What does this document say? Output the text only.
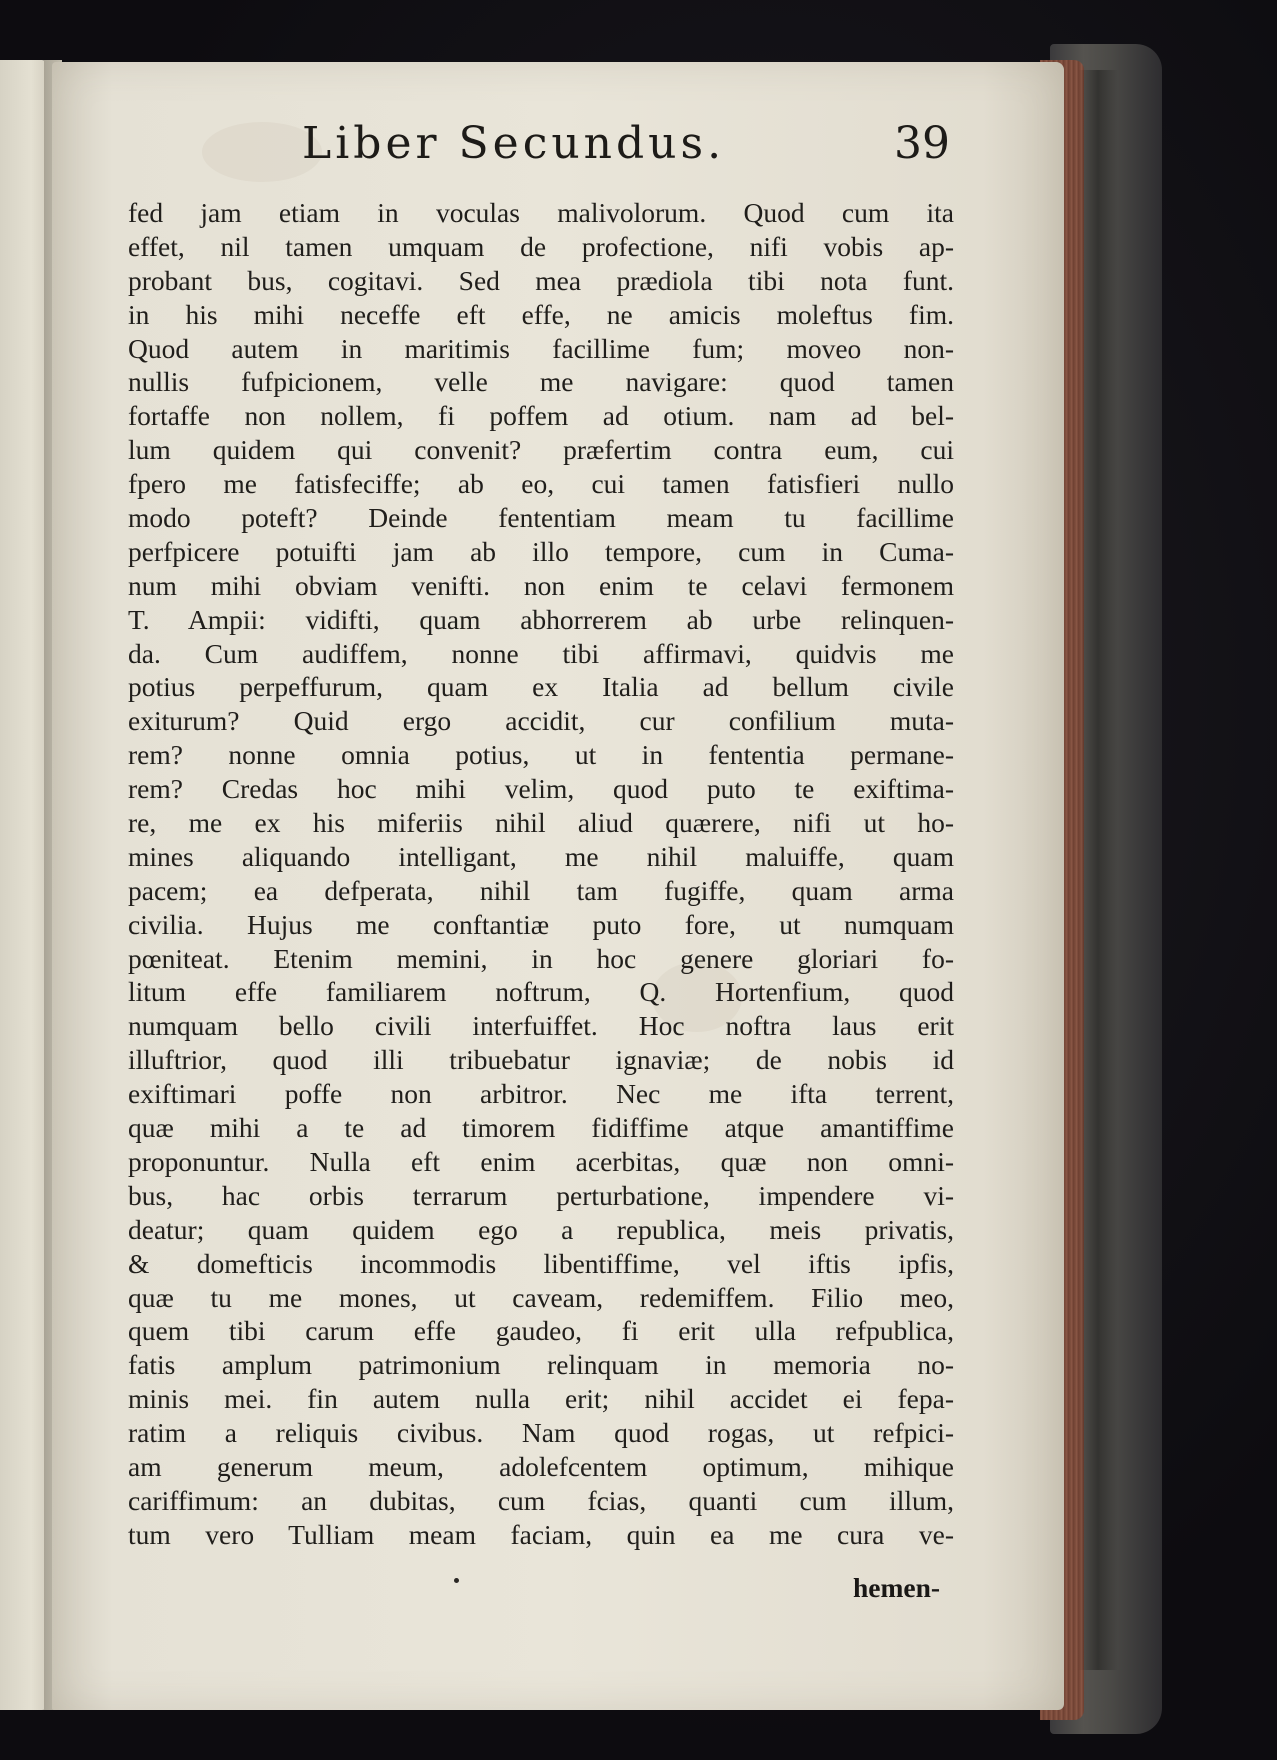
Liber Secundus.	39
fed jam etiam in voculas malivolorum. Quod cum ita
effet, nil tamen umquam de profectione, nifi vobis ap-
probant bus, cogitavi. Sed mea prædiola tibi nota funt.
in his mihi neceffe eft effe, ne amicis moleftus fim.
Quod autem in maritimis facillime fum; moveo non-
nullis fufpicionem, velle me navigare: quod tamen
fortaffe non nollem, fi poffem ad otium. nam ad bel-
lum quidem qui convenit? præfertim contra eum, cui
fpero me fatisfeciffe; ab eo, cui tamen fatisfieri nullo
modo poteft? Deinde fententiam meam tu facillime
perfpicere potuifti jam ab illo tempore, cum in Cuma-
num mihi obviam venifti. non enim te celavi fermonem
T. Ampii: vidifti, quam abhorrerem ab urbe relinquen-
da. Cum audiffem, nonne tibi affirmavi, quidvis me
potius perpeffurum, quam ex Italia ad bellum civile
exiturum? Quid ergo accidit, cur confilium muta-
rem? nonne omnia potius, ut in fententia permane-
rem? Credas hoc mihi velim, quod puto te exiftima-
re, me ex his miferiis nihil aliud quærere, nifi ut ho-
mines aliquando intelligant, me nihil maluiffe, quam
pacem; ea defperata, nihil tam fugiffe, quam arma
civilia. Hujus me conftantiæ puto fore, ut numquam
pœniteat. Etenim memini, in hoc genere gloriari fo-
litum effe familiarem noftrum, Q. Hortenfium, quod
numquam bello civili interfuiffet. Hoc noftra laus erit
illuftrior, quod illi tribuebatur ignaviæ; de nobis id
exiftimari poffe non arbitror. Nec me ifta terrent,
quæ mihi a te ad timorem fidiffime atque amantiffime
proponuntur. Nulla eft enim acerbitas, quæ non omni-
bus, hac orbis terrarum perturbatione, impendere vi-
deatur; quam quidem ego a republica, meis privatis,
& domefticis incommodis libentiffime, vel iftis ipfis,
quæ tu me mones, ut caveam, redemiffem. Filio meo,
quem tibi carum effe gaudeo, fi erit ulla refpublica,
fatis amplum patrimonium relinquam in memoria no-
minis mei. fin autem nulla erit; nihil accidet ei fepa-
ratim a reliquis civibus. Nam quod rogas, ut refpici-
am generum meum, adolefcentem optimum, mihique
cariffimum: an dubitas, cum fcias, quanti cum illum,
tum vero Tulliam meam faciam, quin ea me cura ve-
hemen-
